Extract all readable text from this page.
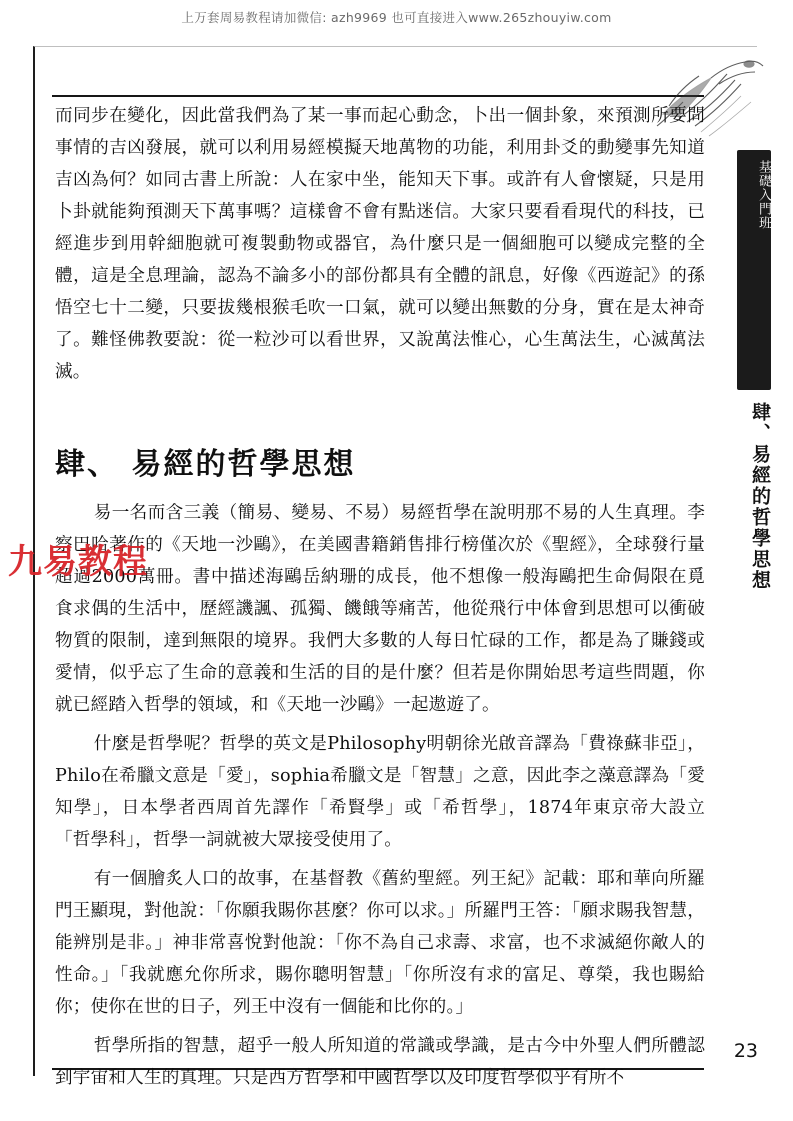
上万套周易教程请加微信: azh9969 也可直接进入www.265zhouyiw.com
基礎入門班
肆、易經的哲學思想

而同步在變化，因此當我們為了某一事而起心動念，卜出一個卦象，來預測所要問事情的吉凶發展，就可以利用易經模擬天地萬物的功能，利用卦爻的動變事先知道吉凶為何？如同古書上所說：人在家中坐，能知天下事。或許有人會懷疑，只是用卜卦就能夠預測天下萬事嗎？這樣會不會有點迷信。大家只要看看現代的科技，已經進步到用幹細胞就可複製動物或器官，為什麼只是一個細胞可以變成完整的全體，這是全息理論，認為不論多小的部份都具有全體的訊息，好像《西遊記》的孫悟空七十二變，只要拔幾根猴毛吹一口氣，就可以變出無數的分身，實在是太神奇了。難怪佛教要說：從一粒沙可以看世界，又說萬法惟心，心生萬法生，心滅萬法滅。

肆、 易經的哲學思想

易一名而含三義（簡易、變易、不易）易經哲學在說明那不易的人生真理。李察巴哈著作的《天地一沙鷗》，在美國書籍銷售排行榜僅次於《聖經》，全球發行量超過2000萬冊。書中描述海鷗岳納珊的成長，他不想像一般海鷗把生命侷限在覓食求偶的生活中，歷經譏諷、孤獨、饑餓等痛苦，他從飛行中体會到思想可以衝破物質的限制，達到無限的境界。我們大多數的人每日忙碌的工作，都是為了賺錢或愛情，似乎忘了生命的意義和生活的目的是什麼？但若是你開始思考這些問題，你就已經踏入哲學的領域，和《天地一沙鷗》一起遨遊了。

什麼是哲學呢？哲學的英文是Philosophy明朝徐光啟音譯為「費祿蘇非亞」，Philo在希臘文意是「愛」，sophia希臘文是「智慧」之意，因此李之藻意譯為「愛知學」，日本學者西周首先譯作「希賢學」或「希哲學」，1874年東京帝大設立「哲學科」，哲學一詞就被大眾接受使用了。

有一個膾炙人口的故事，在基督教《舊約聖經。列王紀》記載：耶和華向所羅門王顯現，對他說：「你願我賜你甚麼？你可以求。」所羅門王答：「願求賜我智慧，能辨別是非。」神非常喜悅對他說：「你不為自己求壽、求富，也不求滅絕你敵人的性命。」「我就應允你所求，賜你聰明智慧」「你所沒有求的富足、尊榮，我也賜給你；使你在世的日子，列王中沒有一個能和比你的。」

哲學所指的智慧，超乎一般人所知道的常識或學識，是古今中外聖人們所體認到宇宙和人生的真理。只是西方哲學和中國哲學以及印度哲學似乎有所不

九易教程
23
